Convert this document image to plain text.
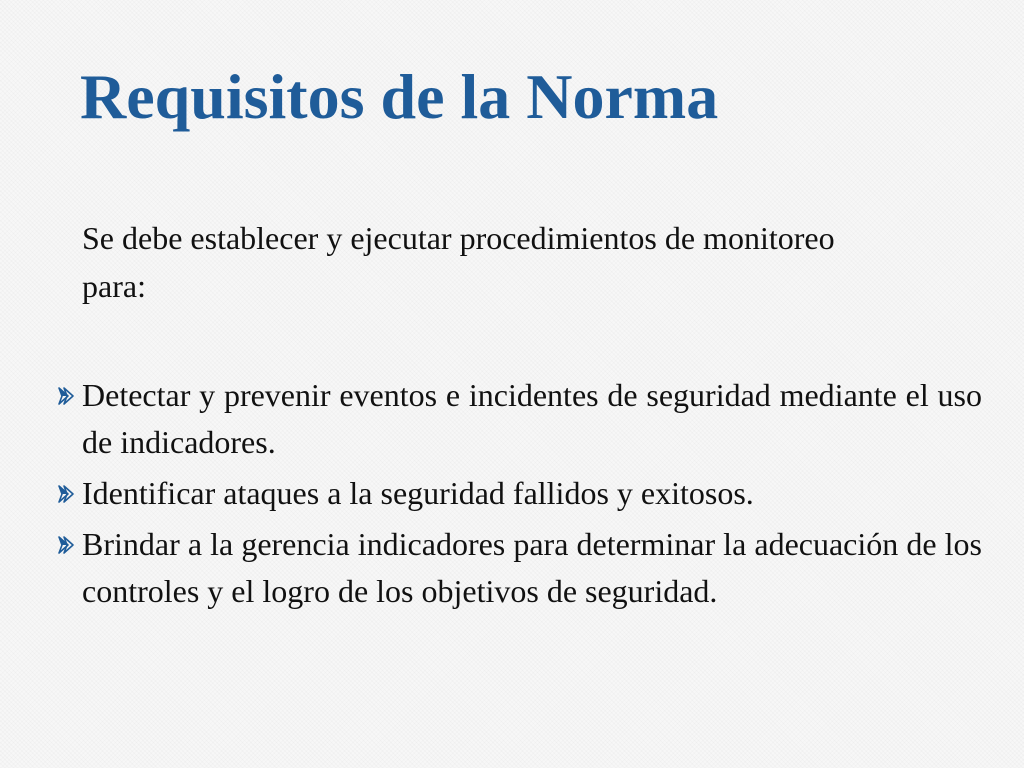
Requisitos de la Norma

Se debe establecer y ejecutar procedimientos de monitoreo para:

Detectar y prevenir eventos e incidentes de seguridad mediante el uso de indicadores.
Identificar ataques a la seguridad fallidos y exitosos.
Brindar a la gerencia indicadores para determinar la adecuación de los controles y el logro de los objetivos de seguridad.
